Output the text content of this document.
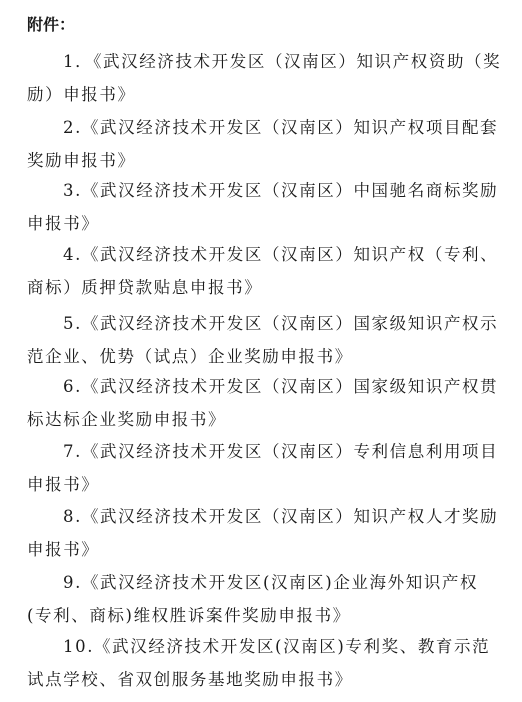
附件：
1．《武汉经济技术开发区（汉南区）知识产权资助（奖
励）申报书》
2.《武汉经济技术开发区（汉南区）知识产权项目配套
奖励申报书》
3.《武汉经济技术开发区（汉南区）中国驰名商标奖励
申报书》
4.《武汉经济技术开发区（汉南区）知识产权（专利、
商标）质押贷款贴息申报书》
5.《武汉经济技术开发区（汉南区）国家级知识产权示
范企业、优势（试点）企业奖励申报书》
6.《武汉经济技术开发区（汉南区）国家级知识产权贯
标达标企业奖励申报书》
7.《武汉经济技术开发区（汉南区）专利信息利用项目
申报书》
8.《武汉经济技术开发区（汉南区）知识产权人才奖励
申报书》
9.《武汉经济技术开发区(汉南区)企业海外知识产权
(专利、商标)维权胜诉案件奖励申报书》
10.《武汉经济技术开发区(汉南区)专利奖、教育示范
试点学校、省双创服务基地奖励申报书》
